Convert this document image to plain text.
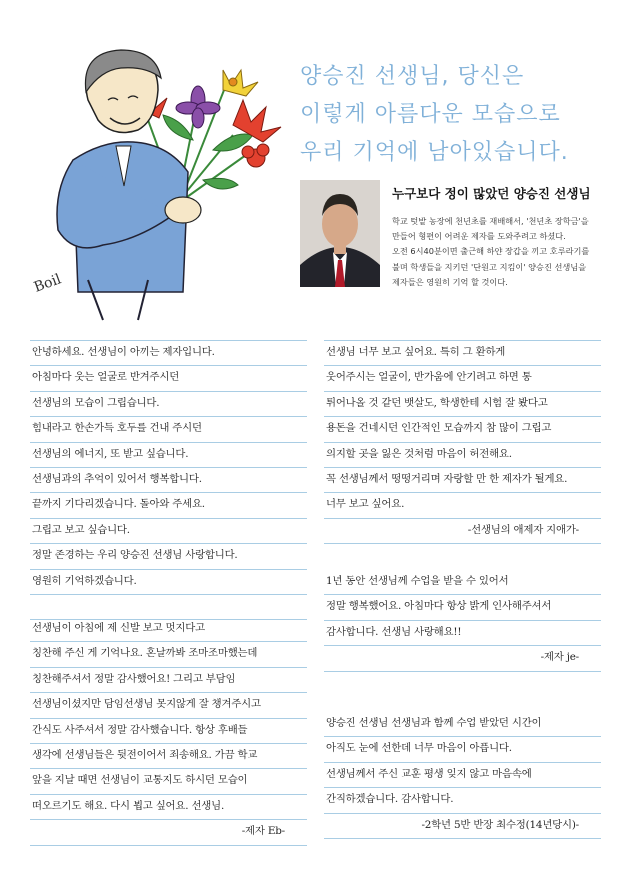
Boil
양승진 선생님, 당신은
이렇게 아름다운 모습으로
우리 기억에 남아있습니다.
누구보다 정이 많았던 양승진 선생님
학교 텃밭 농장에 천년초를 재배해서, '천년초 장학금'을
만들어 형편이 어려운 제자를 도와주려고 하셨다.
오전 6시40분이면 출근해 하얀 장갑을 끼고 호루라기를
불며 학생들을 지키던 '단원고 지킴이' 양승진 선생님을
제자들은 영원히 기억 할 것이다.
안녕하세요. 선생님이 아끼는 제자입니다.
아침마다 웃는 얼굴로 반겨주시던
선생님의 모습이 그립습니다.
힘내라고 한손가득 호두를 건내 주시던
선생님의 에너지, 또 받고 싶습니다.
선생님과의 추억이 있어서 행복합니다.
끝까지 기다리겠습니다. 돌아와 주세요.
그립고 보고 싶습니다.
정말 존경하는 우리 양승진 선생님 사랑합니다.
영원히 기억하겠습니다.
선생님이 아침에 제 신발 보고 멋지다고
칭찬해 주신 게 기억나요. 혼날까봐 조마조마했는데
칭찬해주셔서 정말 감사했어요! 그리고 부담임
선생님이셨지만 담임선생님 못지않게 잘 챙겨주시고
간식도 사주셔서 정말 감사했습니다. 항상 후배들
생각에 선생님들은 뒷전이어서 죄송해요. 가끔 학교
앞을 지날 때면 선생님이 교통지도 하시던 모습이
떠오르기도 해요. 다시 뵙고 싶어요. 선생님.
-제자 Eb-
선생님 너무 보고 싶어요. 특히 그 환하게
웃어주시는 얼굴이, 반가움에 안기려고 하면 통
튀어나올 것 같던 뱃살도, 학생한테 시험 잘 봤다고
용돈을 건네시던 인간적인 모습까지 참 많이 그립고
의지할 곳을 잃은 것처럼 마음이 허전해요.
꼭 선생님께서 떵떵거리며 자랑할 만 한 제자가 될게요.
너무 보고 싶어요.
-선생님의 애제자 지애가-
1년 동안 선생님께 수업을 받을 수 있어서
정말 행복했어요. 아침마다 항상 밝게 인사해주셔서
감사합니다. 선생님 사랑해요!!
-제자 je-
양승진 선생님 선생님과 함께 수업 받았던 시간이
아직도 눈에 선한데 너무 마음이 아픕니다.
선생님께서 주신 교훈 평생 잊지 않고 마음속에
간직하겠습니다. 감사합니다.
-2학년 5반 반장 최수정(14년당시)-
